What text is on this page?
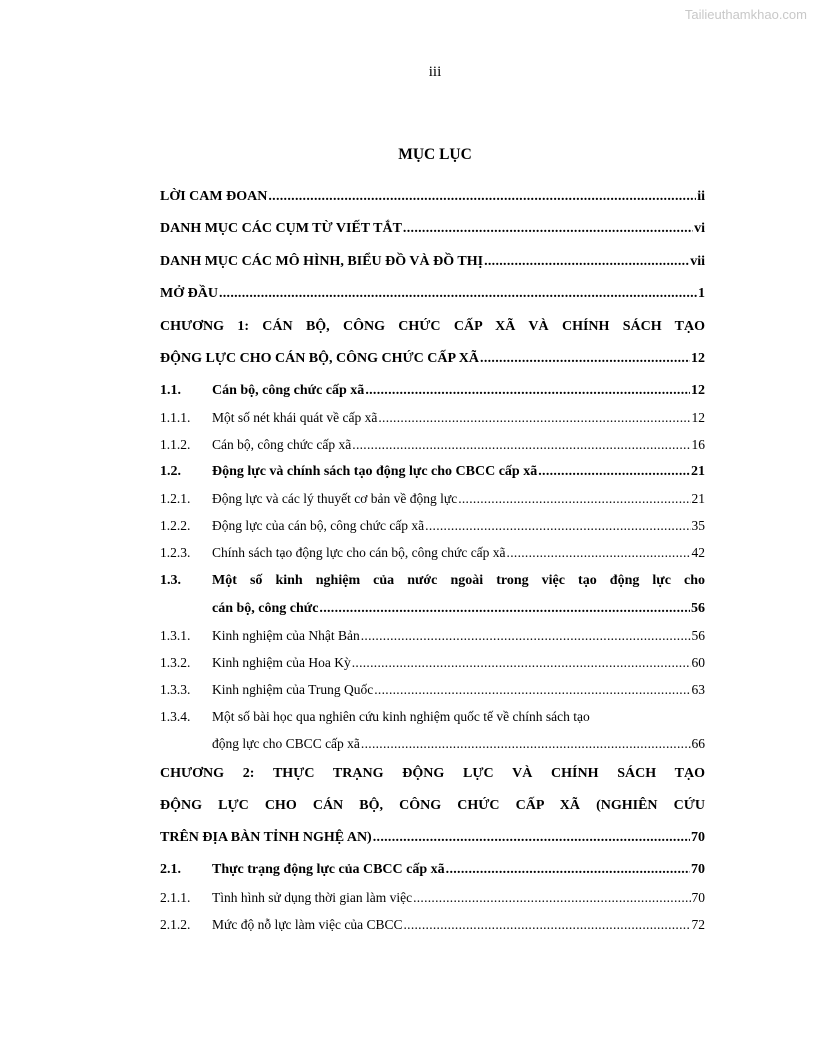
Tailieuthamkhao.com
iii
MỤC LỤC
LỜI CAM ĐOAN .....	ii
DANH MỤC CÁC CỤM TỪ VIẾT TẮT .....	vi
DANH MỤC CÁC MÔ HÌNH, BIỂU ĐỒ VÀ ĐỒ THỊ .....	vii
MỞ ĐẦU .....	1
CHƯƠNG 1: CÁN BỘ, CÔNG CHỨC CẤP XÃ VÀ CHÍNH SÁCH TẠO
ĐỘNG LỰC CHO CÁN BỘ, CÔNG CHỨC CẤP XÃ .....	12
1.1.	Cán bộ, công chức cấp xã .....	12
1.1.1.	Một số nét khái quát về cấp xã .....	12
1.1.2.	Cán bộ, công chức cấp xã .....	16
1.2.	Động lực và chính sách tạo động lực cho CBCC cấp xã .....	21
1.2.1.	Động lực và các lý thuyết cơ bản về động lực .....	21
1.2.2.	Động lực của cán bộ, công chức cấp xã .....	35
1.2.3.	Chính sách tạo động lực cho cán bộ, công chức cấp xã .....	42
1.3.	Một số kinh nghiệm của nước ngoài trong việc tạo động lực cho
cán bộ, công chức .....	56
1.3.1.	Kinh nghiệm của Nhật Bản .....	56
1.3.2.	Kinh nghiệm của Hoa Kỳ .....	60
1.3.3.	Kinh nghiệm của Trung Quốc .....	63
1.3.4.	Một số bài học qua nghiên cứu kinh nghiệm quốc tế về chính sách tạo
động lực cho CBCC cấp xã .....	66
CHƯƠNG 2: THỰC TRẠNG ĐỘNG LỰC VÀ CHÍNH SÁCH TẠO
ĐỘNG LỰC CHO CÁN BỘ, CÔNG CHỨC CẤP XÃ (NGHIÊN CỨU
TRÊN ĐỊA BÀN TỈNH NGHỆ AN) .....	70
2.1.	Thực trạng động lực của CBCC cấp xã .....	70
2.1.1.	Tình hình sử dụng thời gian làm việc .....	70
2.1.2.	Mức độ nỗ lực làm việc của CBCC .....	72
